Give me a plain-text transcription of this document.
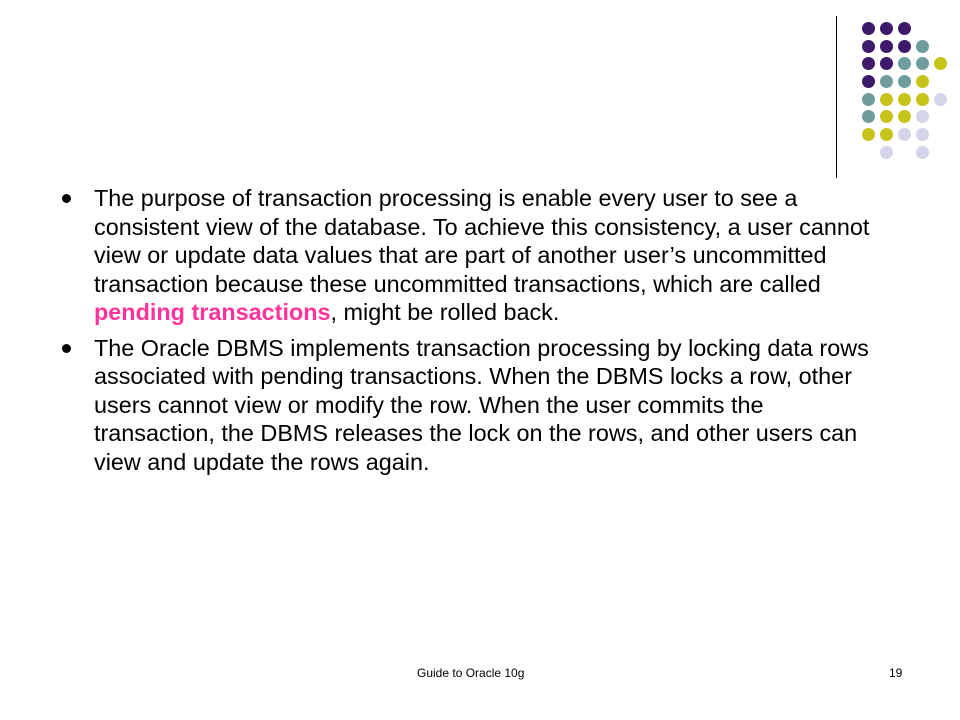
The purpose of transaction processing is enable every user to see a consistent view of the database. To achieve this consistency, a user cannot view or update data values that are part of another user’s uncommitted transaction because these uncommitted transactions, which are called pending transactions, might be rolled back.
The Oracle DBMS implements transaction processing by locking data rows associated with pending transactions. When the DBMS locks a row, other users cannot view or modify the row. When the user commits the transaction, the DBMS releases the lock on the rows, and other users can view and update the rows again.
Guide to Oracle 10g	19
